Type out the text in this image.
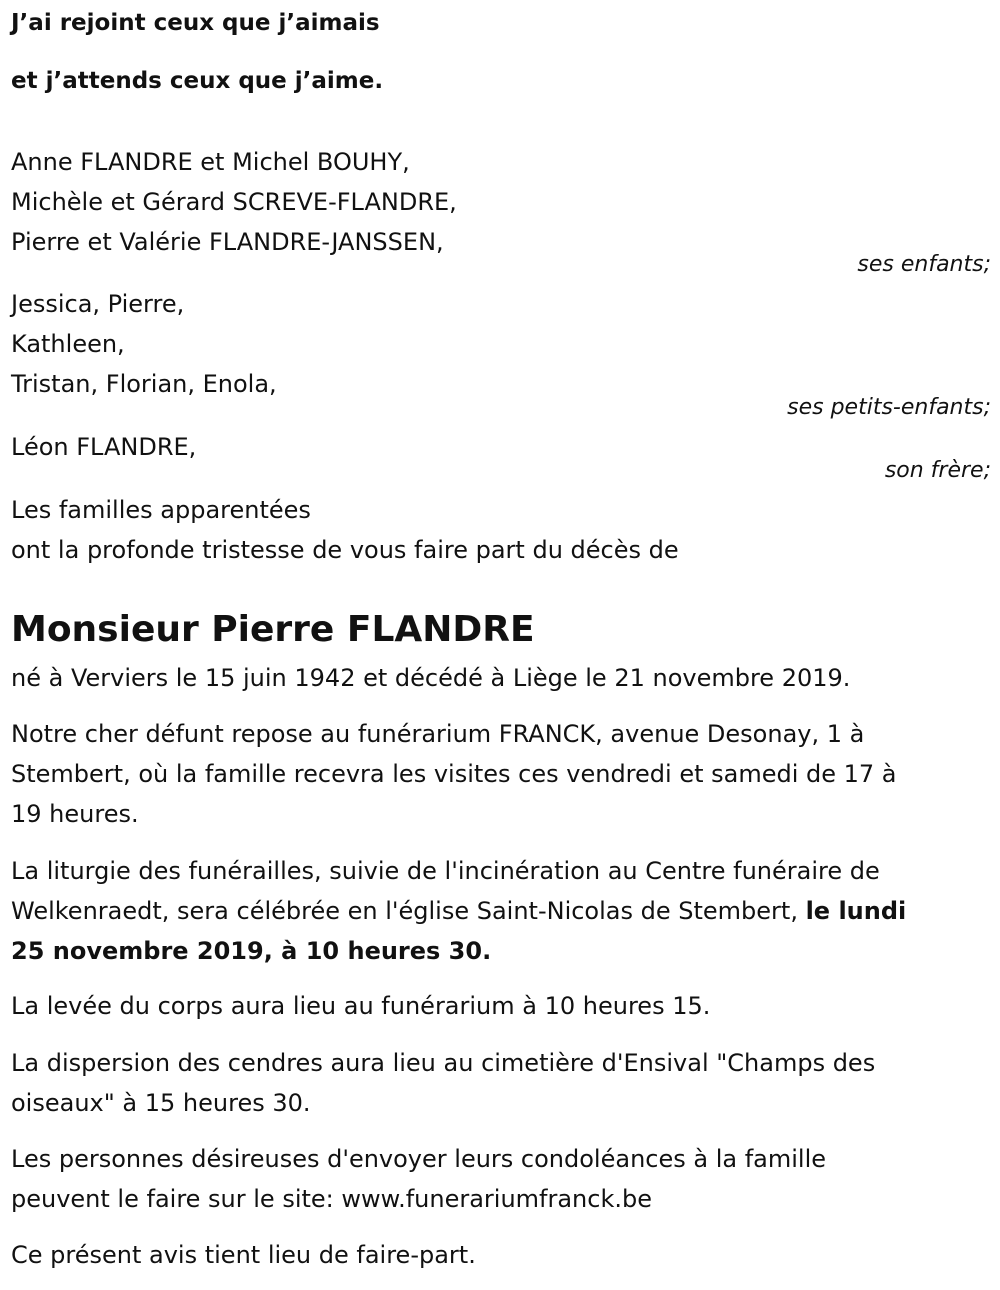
J’ai rejoint ceux que j’aimais

et j’attends ceux que j’aime.

Anne FLANDRE et Michel BOUHY,
Michèle et Gérard SCREVE-FLANDRE,
Pierre et Valérie FLANDRE-JANSSEN,
ses enfants;
Jessica, Pierre,
Kathleen,
Tristan, Florian, Enola,
ses petits-enfants;
Léon FLANDRE,
son frère;
Les familles apparentées
ont la profonde tristesse de vous faire part du décès de
Monsieur Pierre FLANDRE
né à Verviers le 15 juin 1942 et décédé à Liège le 21 novembre 2019.
Notre cher défunt repose au funérarium FRANCK, avenue Desonay, 1 à
Stembert, où la famille recevra les visites ces vendredi et samedi de 17 à
19 heures.
La liturgie des funérailles, suivie de l'incinération au Centre funéraire de
Welkenraedt, sera célébrée en l'église Saint-Nicolas de Stembert, le lundi
25 novembre 2019, à 10 heures 30.
La levée du corps aura lieu au funérarium à 10 heures 15.
La dispersion des cendres aura lieu au cimetière d'Ensival "Champs des
oiseaux" à 15 heures 30.
Les personnes désireuses d'envoyer leurs condoléances à la famille
peuvent le faire sur le site: www.funerariumfranck.be
Ce présent avis tient lieu de faire-part.
